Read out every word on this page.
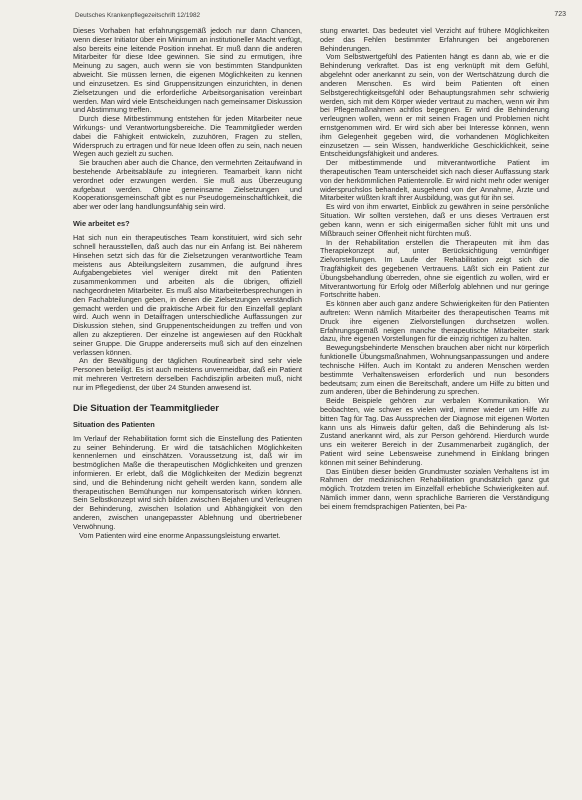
Deutsches Krankenpflegezeitschrift 12/1982	723

Dieses Vorhaben hat erfahrungsgemäß jedoch nur dann Chancen, wenn dieser Initiator über ein Minimum an institutioneller Macht verfügt, also bereits eine leitende Position innehat. Er muß dann die anderen Mitarbeiter für diese Idee gewinnen. Sie sind zu ermutigen, ihre Meinung zu sagen, auch wenn sie von bestimmten Standpunkten abweicht. Sie müssen lernen, die eigenen Möglichkeiten zu kennen und einzusetzen. Es sind Gruppensitzungen einzurichten, in denen Zielsetzungen und die erforderliche Arbeitsorganisation vereinbart werden. Man wird viele Entscheidungen nach gemeinsamer Diskussion und Abstimmung treffen.

Durch diese Mitbestimmung entstehen für jeden Mitarbeiter neue Wirkungs- und Verantwortungsbereiche. Die Teammitglieder werden dabei die Fähigkeit entwickeln, zuzuhören, Fragen zu stellen, Widerspruch zu ertragen und für neue Ideen offen zu sein, nach neuen Wegen auch gezielt zu suchen.

Sie brauchen aber auch die Chance, den vermehrten Zeitaufwand in bestehende Arbeitsabläufe zu integrieren. Teamarbeit kann nicht verordnet oder erzwungen werden. Sie muß aus Überzeugung aufgebaut werden. Ohne gemeinsame Zielsetzungen und Kooperationsgemeinschaft gibt es nur Pseudogemeinschaftlichkeit, die aber wer oder lang handlungsunfähig sein wird.

Wie arbeitet es?

Hat sich nun ein therapeutisches Team konstituiert, wird sich sehr schnell herausstellen, daß auch das nur ein Anfang ist. Bei näherem Hinsehen setzt sich das für die Zielsetzungen verantwortliche Team meistens aus Abteilungsleitern zusammen, die aufgrund ihres Aufgabengebietes viel weniger direkt mit den Patienten zusammenkommen und arbeiten als die übrigen, offiziell nachgeordneten Mitarbeiter. Es muß also Mitarbeiterbesprechungen in den Fachabteilungen geben, in denen die Zielsetzungen verständlich gemacht werden und die praktische Arbeit für den Einzelfall geplant wird. Auch wenn in Detailfragen unterschiedliche Auffassungen zur Diskussion stehen, sind Gruppenentscheidungen zu treffen und von allen zu akzeptieren. Der einzelne ist angewiesen auf den Rückhalt seiner Gruppe. Die Gruppe andererseits muß sich auf den einzelnen verlassen können.

An der Bewältigung der täglichen Routinearbeit sind sehr viele Personen beteiligt. Es ist auch meistens unvermeidbar, daß ein Patient mit mehreren Vertretern derselben Fachdisziplin arbeiten muß, nicht nur im Pflegedienst, der über 24 Stunden anwesend ist.

Die Situation der Teammitglieder
Situation des Patienten

Im Verlauf der Rehabilitation formt sich die Einstellung des Patienten zu seiner Behinderung. Er wird die tatsächlichen Möglichkeiten kennenlernen und einschätzen. Voraussetzung ist, daß wir im bestmöglichen Maße die therapeutischen Möglichkeiten und grenzen informieren. Er erlebt, daß die Möglichkeiten der Medizin begrenzt sind, und die Behinderung nicht geheilt werden kann, sondern alle therapeutischen Bemühungen nur kompensatorisch wirken können. Sein Selbstkonzept wird sich bilden zwischen Bejahen und Verleugnen der Behinderung, zwischen Isolation und Abhängigkeit von den anderen, zwischen unangepasster Ablehnung und übertriebener Verwöhnung.

Vom Patienten wird eine enorme Anpassungsleistung erwartet.

stung erwartet. Das bedeutet viel Verzicht auf frühere Möglichkeiten oder das Fehlen bestimmter Erfahrungen bei angeborenen Behinderungen.

Vom Selbstwertgefühl des Patienten hängt es dann ab, wie er die Behinderung verkraftet. Das ist eng verknüpft mit dem Gefühl, abgelehnt oder anerkannt zu sein, von der Wertschätzung durch die anderen Menschen. Es wird beim Patienten oft einen Selbstgerechtigkeitsgefühl oder Behauptungsrahmen sehr schwierig werden, sich mit dem Körper wieder vertraut zu machen, wenn wir ihm bei Pflegemaßnahmen achtlos begegnen. Er wird die Behinderung verleugnen wollen, wenn er mit seinen Fragen und Problemen nicht ernstgenommen wird. Er wird sich aber bei Interesse können, wenn ihm Gelegenheit gegeben wird, die vorhandenen Möglichkeiten einzusetzen — sein Wissen, handwerkliche Geschicklichkeit, seine Entscheidungsfähigkeit und anderes.

Der mitbestimmende und mitverantwortliche Patient im therapeutischen Team unterscheidet sich nach dieser Auffassung stark von der herkömmlichen Patientenrolle. Er wird nicht mehr oder weniger widerspruchslos behandelt, ausgehend von der Annahme, Ärzte und Mitarbeiter wüßten kraft ihrer Ausbildung, was gut für ihn sei.

Es wird von ihm erwartet, Einblick zu gewähren in seine persönliche Situation. Wir sollten verstehen, daß er uns dieses Vertrauen erst geben kann, wenn er sich einigermaßen sicher fühlt mit uns und Mißbrauch seiner Offenheit nicht fürchten muß.

In der Rehabilitation erstellen die Therapeuten mit ihm das Therapiekonzept auf, unter Berücksichtigung vernünftiger Zielvorstellungen. Im Laufe der Rehabilitation zeigt sich die Tragfähigkeit des gegebenen Vertrauens. Läßt sich ein Patient zur Übungsbehandlung überreden, ohne sie eigentlich zu wollen, wird er Mitverantwortung für Erfolg oder Mißerfolg ablehnen und nur geringe Fortschritte haben.

Es können aber auch ganz andere Schwierigkeiten für den Patienten auftreten: Wenn nämlich Mitarbeiter des therapeutischen Teams mit Druck ihre eigenen Zielvorstellungen durchsetzen wollen. Erfahrungsgemäß neigen manche therapeutische Mitarbeiter stark dazu, ihre eigenen Vorstellungen für die einzig richtigen zu halten.

Bewegungsbehinderte Menschen brauchen aber nicht nur körperlich funktionelle Übungsmaßnahmen, Wohnungsanpassungen und andere technische Hilfen. Auch im Kontakt zu anderen Menschen werden bestimmte Verhaltensweisen erforderlich und nun besonders bedeutsam; zum einen die Bereitschaft, andere um Hilfe zu bitten und zum anderen, über die Behinderung zu sprechen.

Beide Beispiele gehören zur verbalen Kommunikation. Wir beobachten, wie schwer es vielen wird, immer wieder um Hilfe zu bitten Tag für Tag. Das Aussprechen der Diagnose mit eigenen Worten kann uns als Hinweis dafür gelten, daß die Behinderung als Ist-Zustand anerkannt wird, als zur Person gehörend. Hierdurch wurde uns ein weiterer Bereich in der Zusammenarbeit zugänglich, der Patient wird seine Lebensweise zunehmend in Einklang bringen können mit seiner Behinderung.

Das Einüben dieser beiden Grundmuster sozialen Verhaltens ist im Rahmen der medizinischen Rehabilitation grundsätzlich ganz gut möglich. Trotzdem treten im Einzelfall erhebliche Schwierigkeiten auf. Nämlich immer dann, wenn sprachliche Barrieren die Verständigung bei einem fremdsprachigen Patienten, bei Pa-
